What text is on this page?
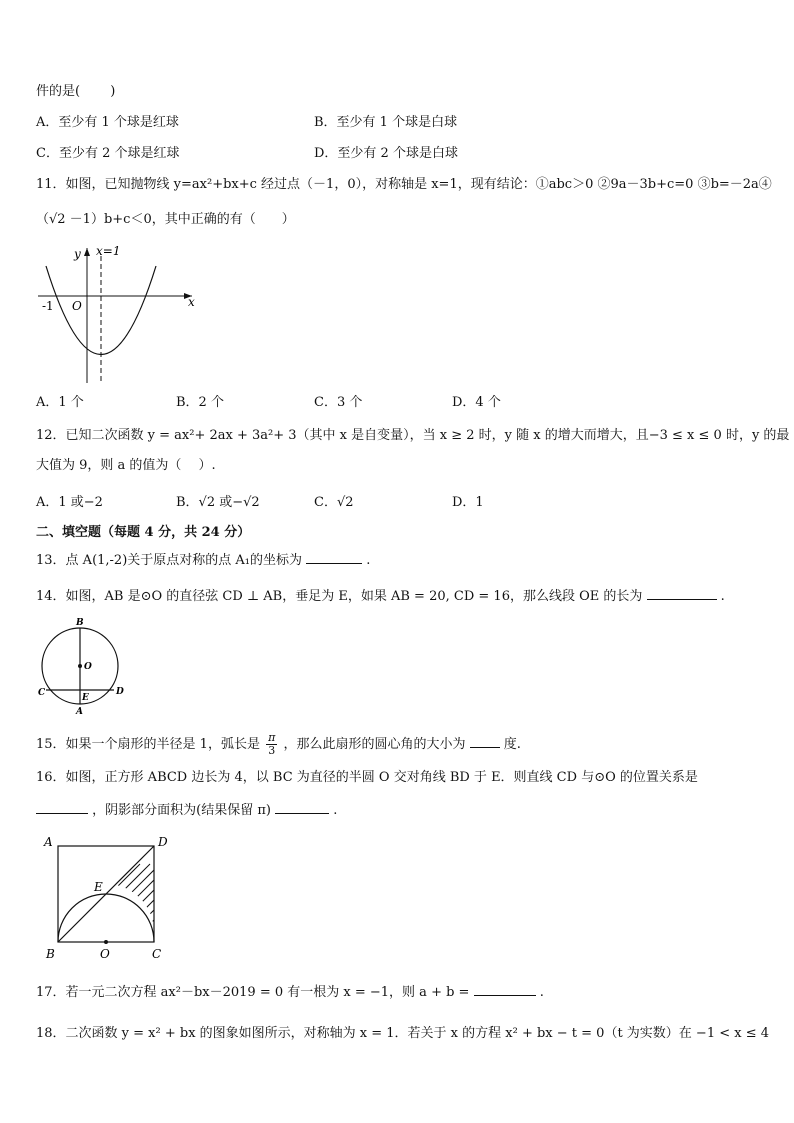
件的是(　 　)
A．至少有 1 个球是红球	B．至少有 1 个球是白球
C．至少有 2 个球是红球	D．至少有 2 个球是白球
11．如图，已知抛物线 y=ax²+bx+c 经过点（－1，0），对称轴是 x=1，现有结论：①abc＞0 ②9a－3b+c=0 ③b=－2a④
（√2 －1）b+c＜0，其中正确的有（　　）
y x=1
x
-1 O
A．1 个	B．2 个	C．3 个	D．4 个
12．已知二次函数 y = ax²+ 2ax + 3a²+ 3（其中 x 是自变量），当 x ≥ 2 时，y 随 x 的增大而增大，且−3 ≤ x ≤ 0 时，y 的最
大值为 9，则 a 的值为（　 ）.
A．1 或−2	B．√2 或−√2	C．√2	D．1
二、填空题（每题 4 分，共 24 分）
13．点 A(1,-2)关于原点对称的点 A₁的坐标为	.
14．如图，AB 是⊙O 的直径弦 CD ⊥ AB，垂足为 E，如果 AB = 20, CD = 16，那么线段 OE 的长为	.
B
O
C	E
D
A
15．如果一个扇形的半径是 1，弧长是 $\frac{\pi}{3}$ ，那么此扇形的圆心角的大小为	度.
16．如图，正方形 ABCD 边长为 4，以 BC 为直径的半圆 O 交对角线 BD 于 E．则直线 CD 与⊙O 的位置关系是
，阴影部分面积为(结果保留 π)	.
A	D
E
B	O	C
17．若一元二次方程 ax²－bx－2019 = 0 有一根为 x = −1，则 a + b =	.
18．二次函数 y = x² + bx 的图象如图所示，对称轴为 x = 1．若关于 x 的方程 x² + bx − t = 0（t 为实数）在 −1 < x ≤ 4
